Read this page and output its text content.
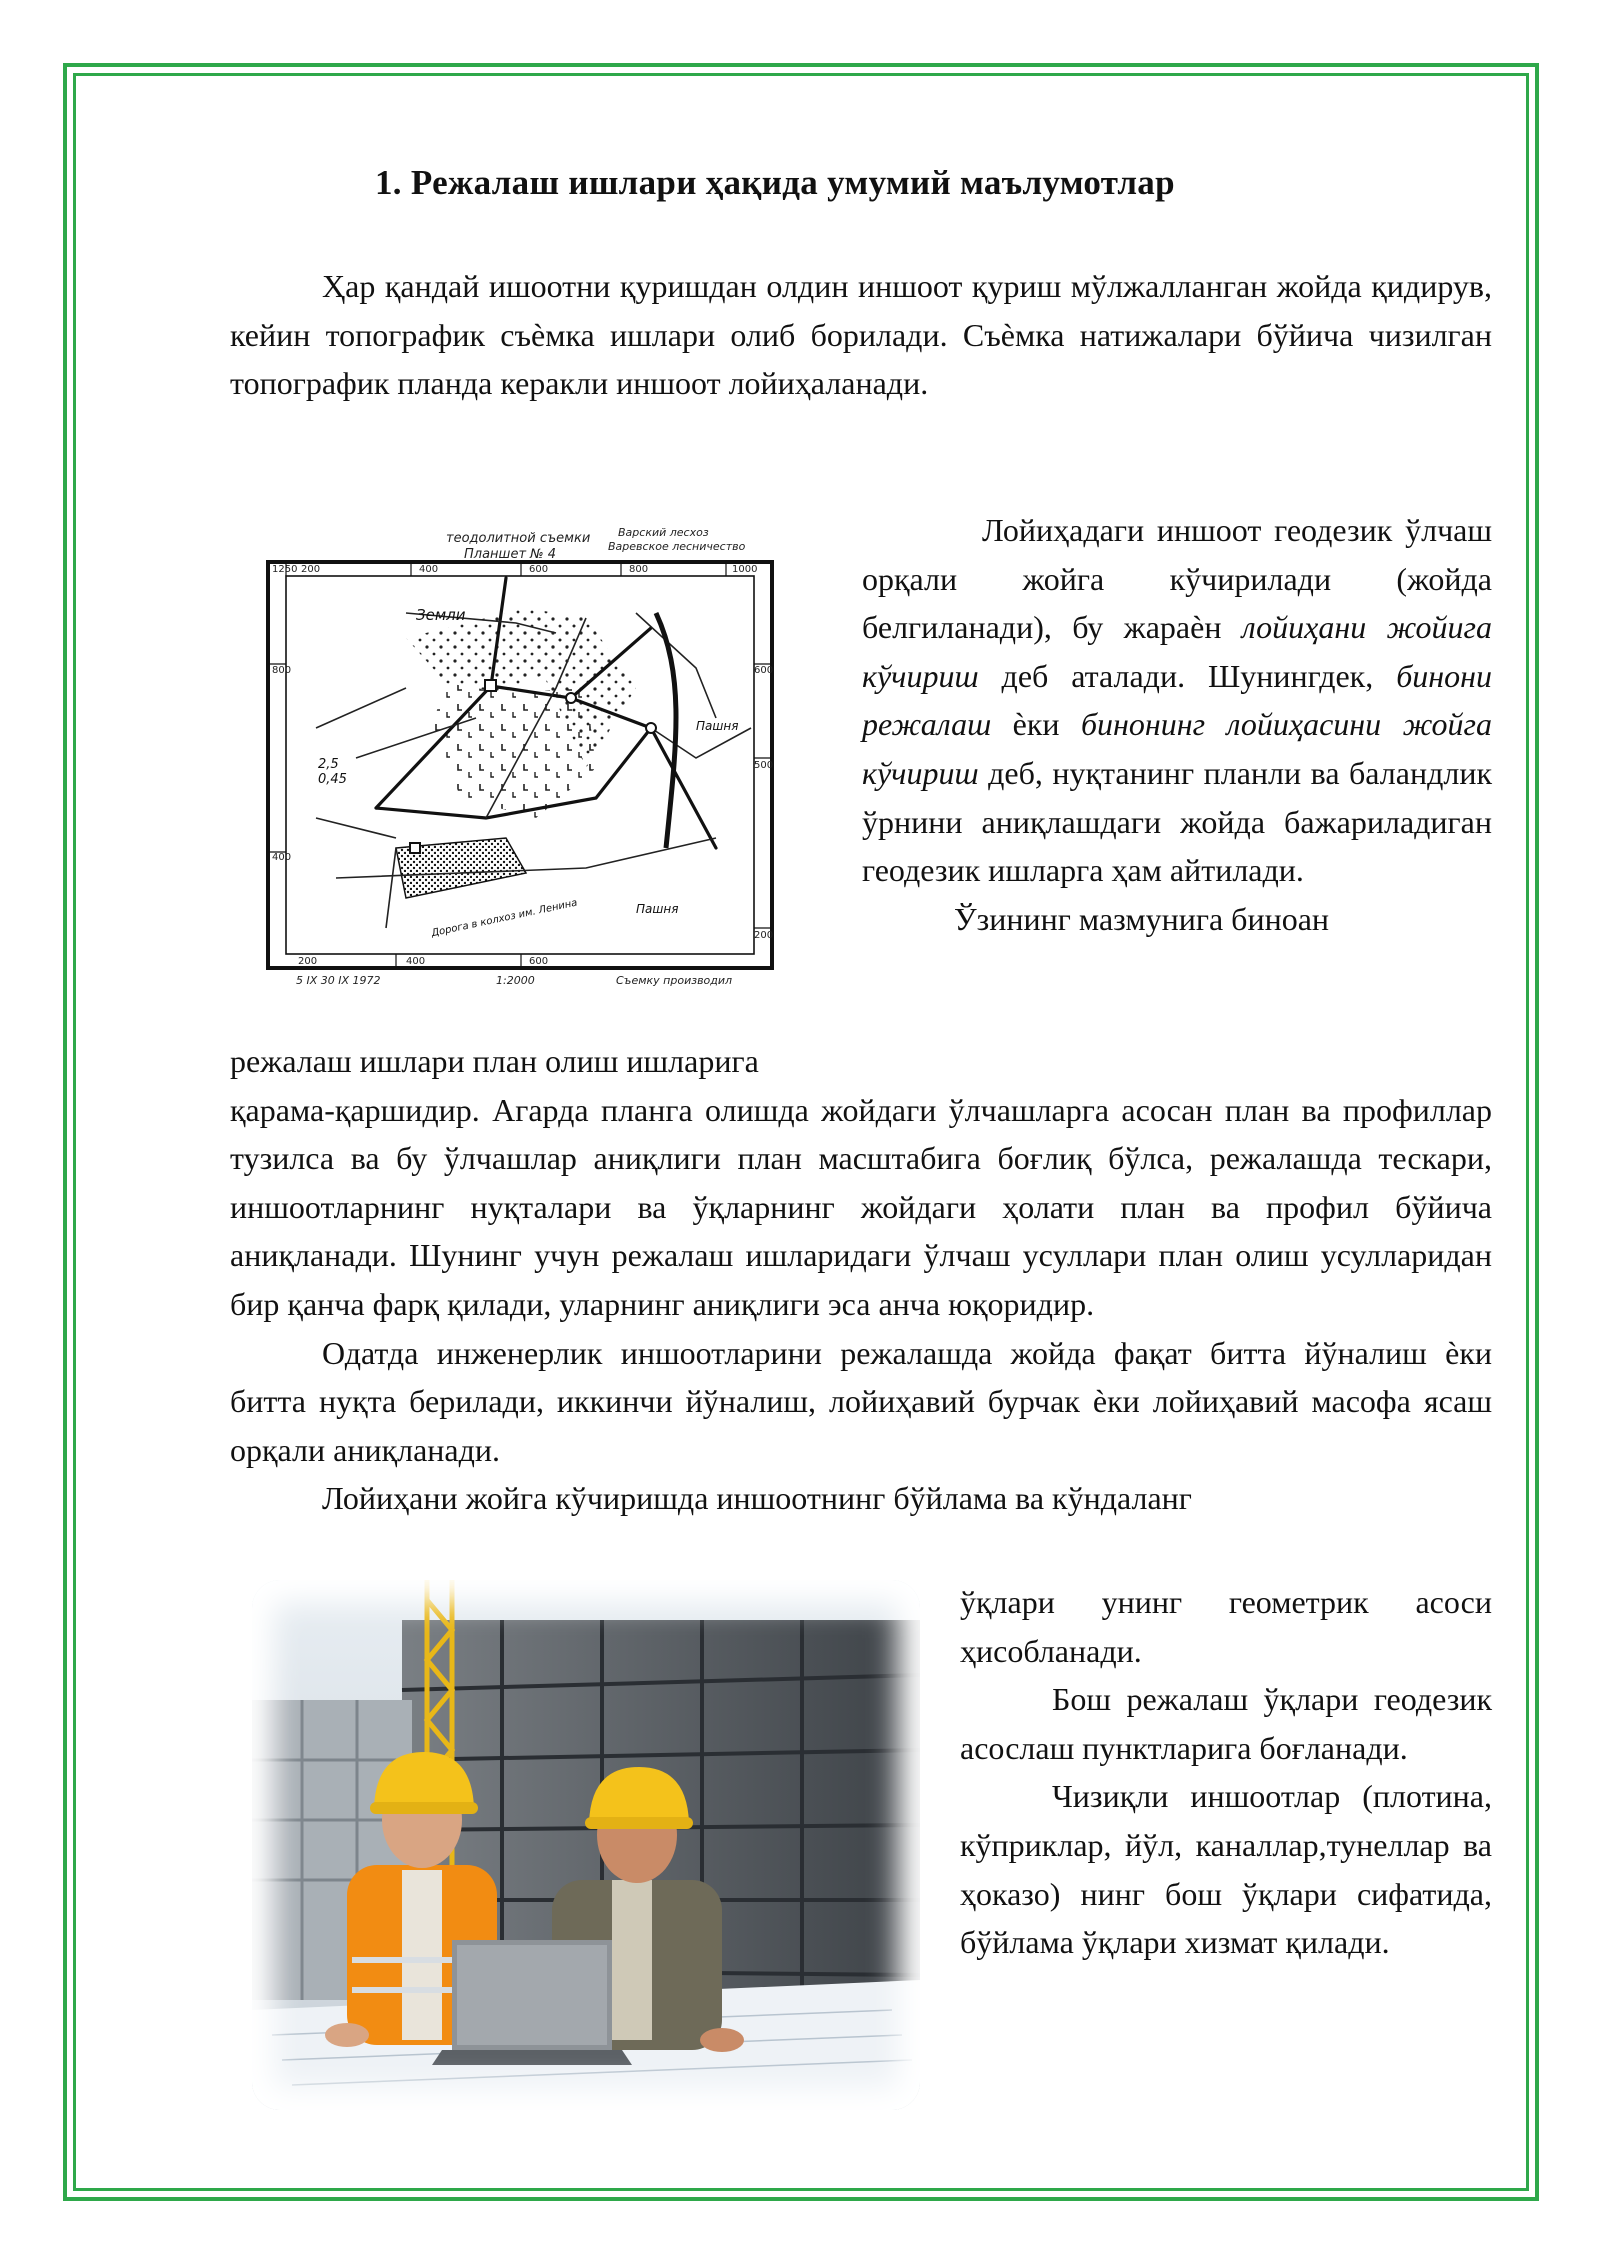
1. Режалаш ишлари ҳақида умумий маълумотлар
Ҳар қандай ишоотни қуришдан олдин иншоот қуриш мўлжалланган жойда қидирув, кейин топографик съѐмка ишлари олиб борилади. Съѐмка натижалари бўйича чизилган топографик планда керакли иншоот лойиҳаланади.
теодолитной съемки
Планшет № 4
Варский лесхоз
Варевское лесничество
1250 200	400	600	800	1000
200	400	600
800	600
500
400
200
Земли
Пашня
Пашня
Дорога в колхоз им. Ленина
2,5
0,45
5 IX 30 IX 1972	1:2000	Съемку производил
Лойиҳадаги иншоот геодезик ўлчаш орқали жойга кўчирилади (жойда белгиланади), бу жараѐн лойиҳани жойига кўчириш деб аталади. Шунингдек, бинони режалаш ѐки бинонинг лойиҳасини жойга кўчириш деб, нуқтанинг планли ва баландлик ўрнини аниқлашдаги жойда бажариладиган геодезик ишларга ҳам айтилади.
Ўзининг мазмунига биноан
режалаш ишлари план олиш ишларига
қарама-қаршидир. Агарда планга олишда жойдаги ўлчашларга асосан план ва профиллар тузилса ва бу ўлчашлар аниқлиги план масштабига боғлиқ бўлса, режалашда тескари, иншоотларнинг нуқталари ва ўқларнинг жойдаги ҳолати план ва профил бўйича аниқланади. Шунинг учун режалаш ишларидаги ўлчаш усуллари план олиш усулларидан бир қанча фарқ қилади, уларнинг аниқлиги эса анча юқоридир.
Одатда инженерлик иншоотларини режалашда жойда фақат битта йўналиш ѐки битта нуқта берилади, иккинчи йўналиш, лойиҳавий бурчак ѐки лойиҳавий масофа ясаш орқали аниқланади.
Лойиҳани жойга кўчиришда иншоотнинг бўйлама ва кўндаланг
ўқлари унинг геометрик асоси ҳисобланади.
Бош режалаш ўқлари геодезик асослаш пунктларига боғланади.
Чизиқли иншоотлар (плотина, кўприклар, йўл, каналлар,тунеллар ва ҳоказо) нинг бош ўқлари сифатида, бўйлама ўқлари хизмат қилади.
